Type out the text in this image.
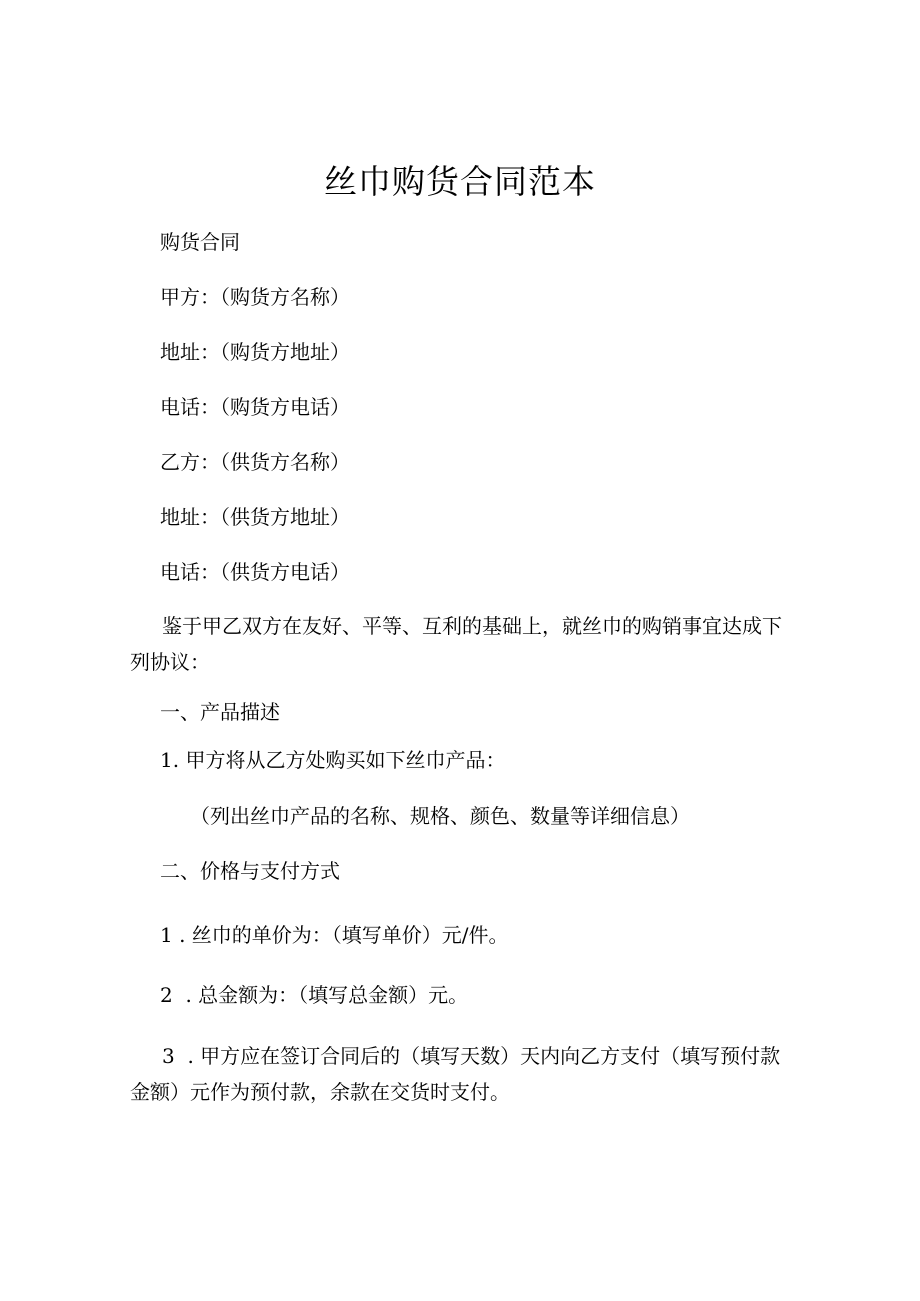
丝巾购货合同范本
购货合同
甲方：（购货方名称）
地址：（购货方地址）
电话：（购货方电话）
乙方：（供货方名称）
地址：（供货方地址）
电话：（供货方电话）
鉴于甲乙双方在友好、平等、互利的基础上，就丝巾的购销事宜达成下列协议：
一、产品描述
1. 甲方将从乙方处购买如下丝巾产品：
（列出丝巾产品的名称、规格、颜色、数量等详细信息）
二、价格与支付方式
1 . 丝巾的单价为：（填写单价）元/件。
2  . 总金额为：（填写总金额）元。
3  . 甲方应在签订合同后的（填写天数）天内向乙方支付（填写预付款金额）元作为预付款，余款在交货时支付。
